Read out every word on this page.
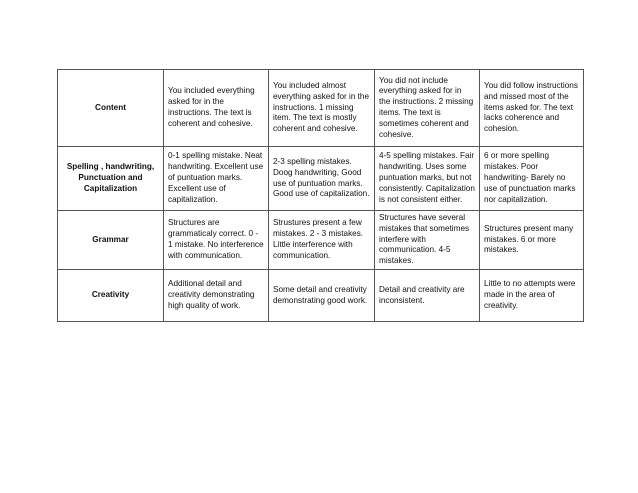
Content	You included everything asked for in the instructions. The text is coherent and cohesive.	You included almost everything asked for in the instructions. 1 missing item. The text is mostly coherent and cohesive.	You did not include everything asked for in the instructions. 2 missing items. The text is sometimes coherent and cohesive.	You did follow instructions and missed most of the items asked for. The text lacks coherence and cohesion.
Spelling , handwriting, Punctuation and Capitalization	0-1 spelling mistake. Neat handwriting. Excellent use of puntuation marks. Excellent use of capitalization.	2-3 spelling mistakes. Doog handwriting, Good use of puntuation marks. Good use of capitalization.	4-5 spelling mistakes. Fair handwriting. Uses some puntuation marks, but not consistently. Capitalization is not consistent either.	6 or more spelling mistakes. Poor handwriting- Barely no use of punctuation marks nor capitalization.
Grammar	Structures are grammaticaly correct. 0 - 1 mistake. No interference with communication.	Strustures present a few mistakes. 2 - 3 mistakes. Little interference with communication.	Structures have several mistakes that sometimes interfere with communication. 4-5 mistakes.	Structures present many mistakes. 6 or more mistakes.
Creativity	Additional detail and creativity demonstrating high quality of work.	Some detail and creativity demonstrating good work.	Detail and creativity are inconsistent.	Little to no attempts were made in the area of creativity.
